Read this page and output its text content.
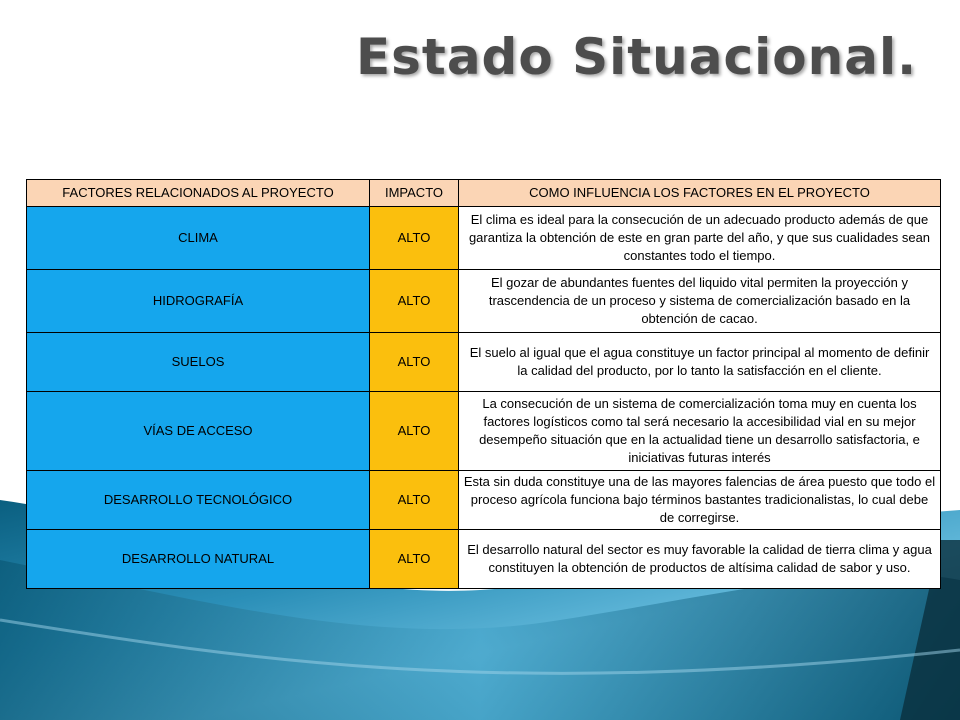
Estado Situacional.
FACTORES RELACIONADOS AL PROYECTO	IMPACTO	COMO INFLUENCIA LOS FACTORES EN EL PROYECTO
CLIMA	ALTO	El clima es ideal para la consecución de un adecuado producto además de que garantiza la obtención de este en gran parte del año, y que sus cualidades sean constantes todo el tiempo.
HIDROGRAFÍA	ALTO	El gozar de abundantes fuentes del liquido vital permiten la proyección y trascendencia de un proceso y sistema de comercialización basado en la obtención de cacao.
SUELOS	ALTO	El suelo al igual que el agua constituye un factor principal al momento de definir la calidad del producto, por lo tanto la satisfacción en el cliente.
VÍAS DE ACCESO	ALTO	La consecución de un sistema de comercialización toma muy en cuenta los factores logísticos como tal será necesario la accesibilidad vial en su mejor desempeño situación que en la actualidad tiene un desarrollo satisfactoria, e iniciativas futuras interés
DESARROLLO TECNOLÓGICO	ALTO	Esta sin duda constituye una de las mayores falencias de área puesto que todo el proceso agrícola funciona bajo términos bastantes tradicionalistas, lo cual debe de corregirse.
DESARROLLO NATURAL	ALTO	El desarrollo natural del sector es muy favorable la calidad de tierra clima y agua constituyen la obtención de productos de altísima calidad de sabor y uso.
